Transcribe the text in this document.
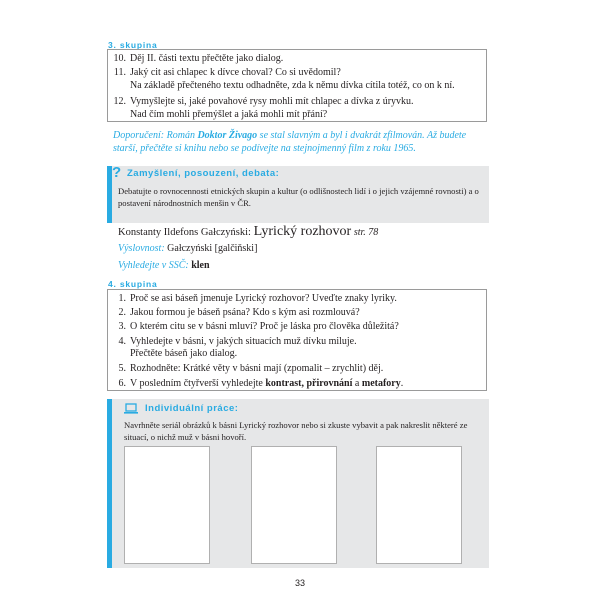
3. skupina
10. Děj II. části textu přečtěte jako dialog.
11. Jaký cit asi chlapec k dívce choval? Co si uvědomil?
Na základě přečteného textu odhadněte, zda k němu dívka cítila totéž, co on k ní.
12. Vymyšlejte si, jaké povahové rysy mohli mít chlapec a dívka z úryvku.
Nad čím mohli přemýšlet a jaká mohli mít přání?
Doporučení: Román Doktor Živago se stal slavným a byl i dvakrát zfilmován. Až budete starší, přečtěte si knihu nebo se podívejte na stejnojmenný film z roku 1965.
? Zamyšlení, posouzení, debata:
Debatujte o rovnocennosti etnických skupin a kultur (o odlišnostech lidí i o jejich vzájemné rovnosti) a o postavení národnostních menšin v ČR.
Konstanty Ildefons Gałczyński: Lyrický rozhovor str. 78
Výslovnost: Gałczyński [galčiňski]
Vyhledejte v SSČ: klen
4. skupina
1. Proč se asi báseň jmenuje Lyrický rozhovor? Uveďte znaky lyriky.
2. Jakou formou je báseň psána? Kdo s kým asi rozmlouvá?
3. O kterém citu se v básni mluví? Proč je láska pro člověka důležitá?
4. Vyhledejte v básni, v jakých situacích muž dívku miluje.
Přečtěte báseň jako dialog.
5. Rozhodněte: Krátké věty v básni mají (zpomalit – zrychlit) děj.
6. V posledním čtyřverší vyhledejte kontrast, přirovnání a metafory.
Individuální práce:
Navrhněte seriál obrázků k básni Lyrický rozhovor nebo si zkuste vybavit a pak nakreslit některé ze situací, o nichž muž v básni hovoří.
33
